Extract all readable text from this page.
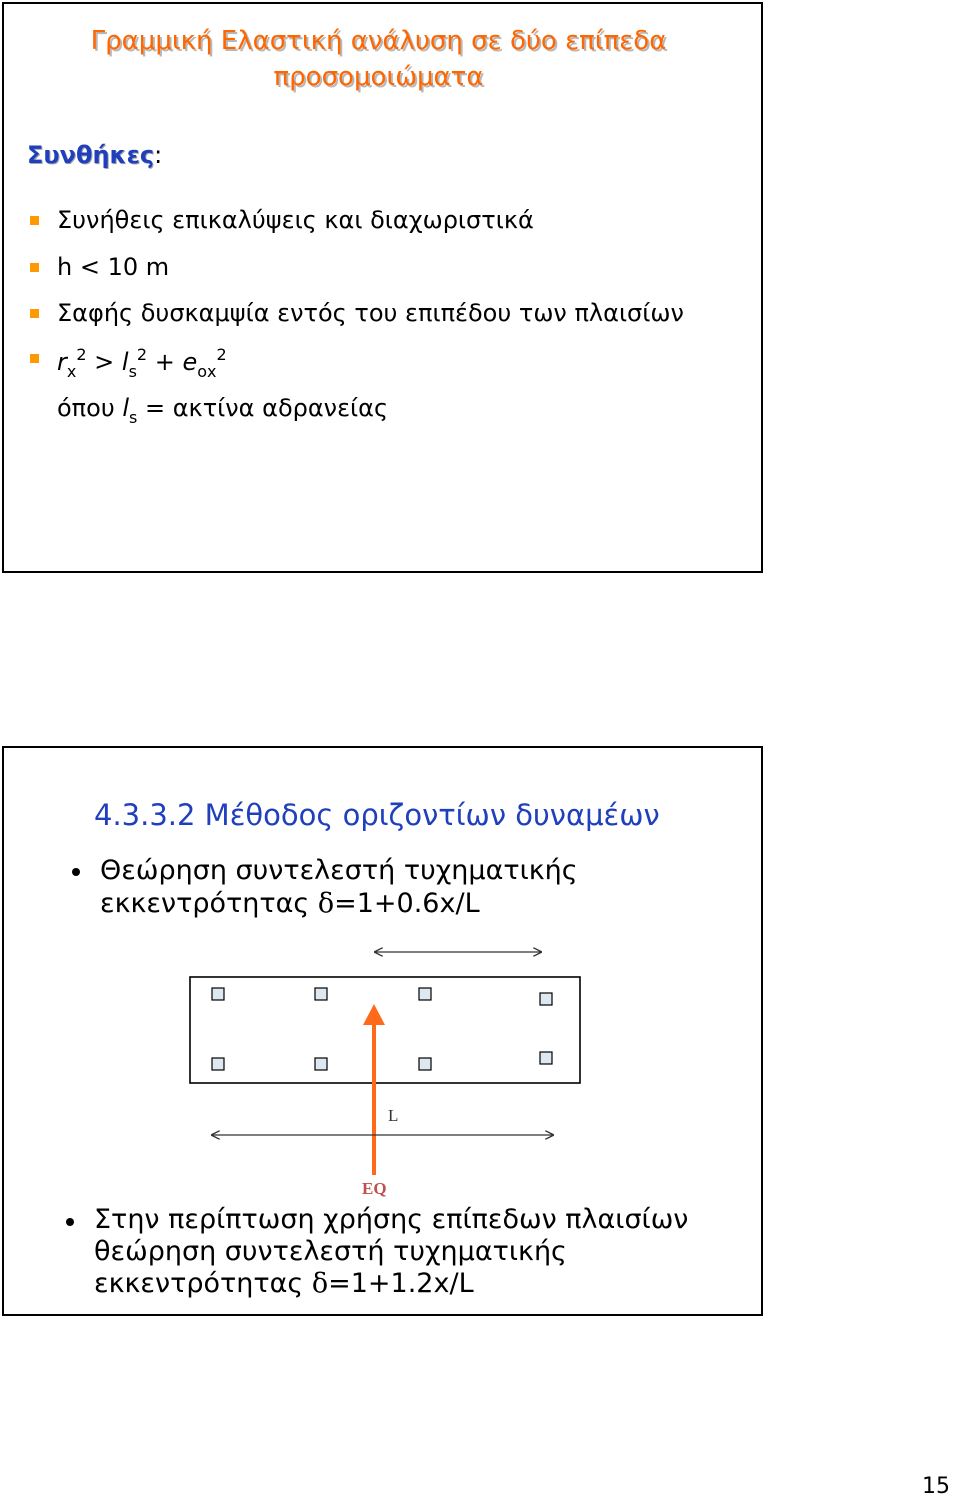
Γραμμική Ελαστική ανάλυση σε δύο επίπεδα
προσομοιώματα
Συνθήκες:
Συνήθεις επικαλύψεις και διαχωριστικά
h < 10 m
Σαφής δυσκαμψία εντός του επιπέδου των πλαισίων
$r_x^2 > l_s^2 + e_{ox}^2$
όπου $l_s = \alpha\kappa\tau ί\nu\alpha$ αδρανείας
4.3.3.2 Μέθοδος οριζοντίων δυναμέων
Θεώρηση συντελεστή τυχηματικής
εκκεντρότητας δ=1+0.6x/L
L
EQ
Στην περίπτωση χρήσης επίπεδων πλαισίων
θεώρηση συντελεστή τυχηματικής
εκκεντρότητας δ=1+1.2x/L
15
